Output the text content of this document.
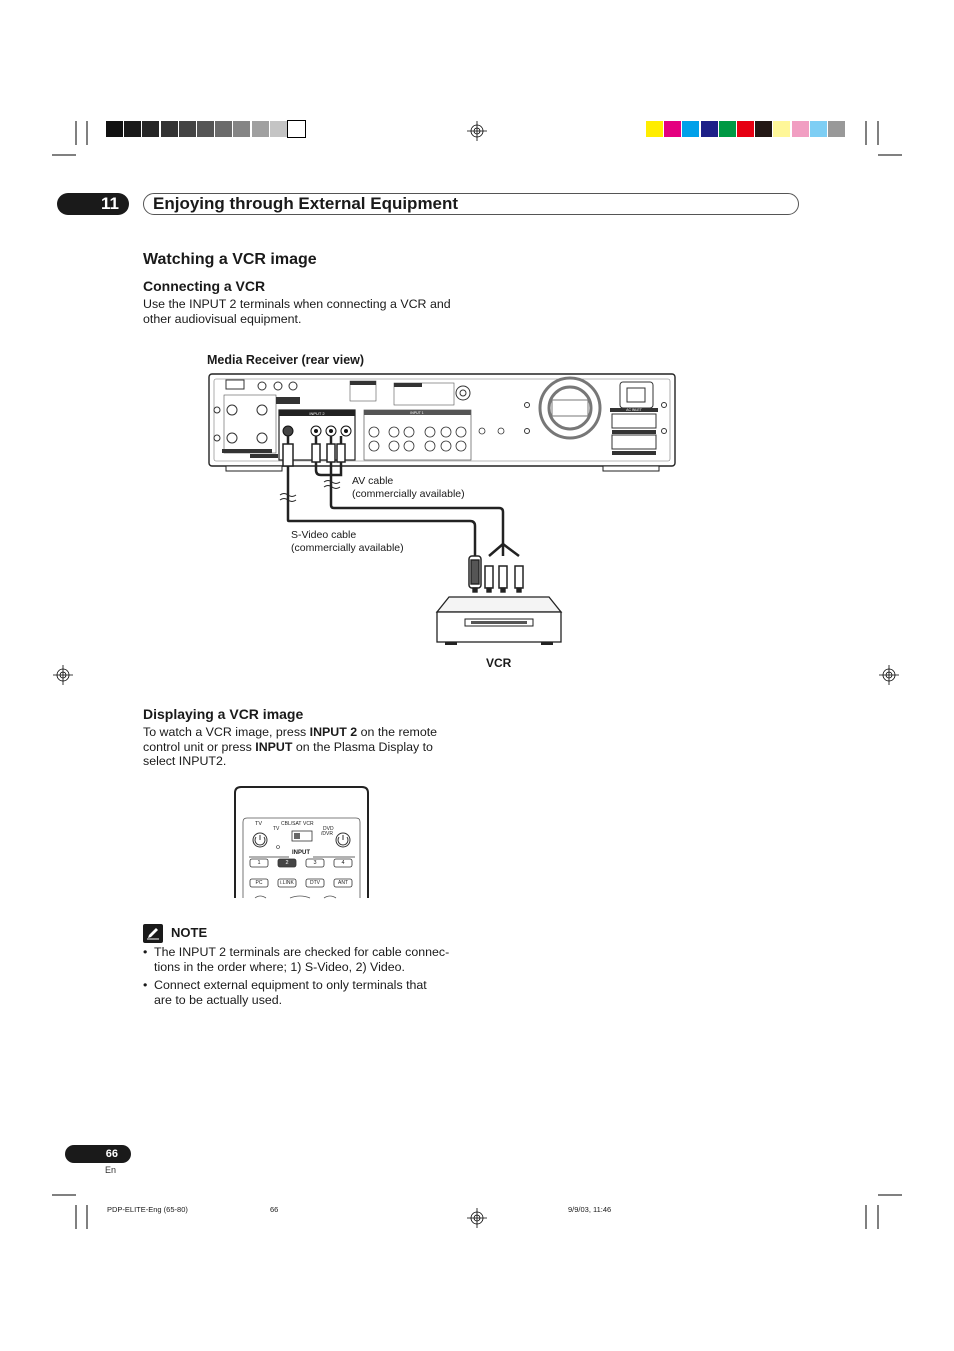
11	Enjoying through External Equipment
Watching a VCR image
Connecting a VCR
Use the INPUT 2 terminals when connecting a VCR and
other audiovisual equipment.
Media Receiver (rear view)
INPUT 2	INPUT 1
AC INLET
AV cable
(commercially available)
S-Video cable
(commercially available)
VCR
Displaying a VCR image
To watch a VCR image, press INPUT 2 on the remote
control unit or press INPUT on the Plasma Display to
select INPUT2.
TV	CBL/SAT VCR
DVD
/DVR
TV
INPUT
1	2	3	4
PC	i.LINK	DTV	ANT
NOTE
• The INPUT 2 terminals are checked for cable connec-
tions in the order where; 1) S-Video, 2) Video.
• Connect external equipment to only terminals that
are to be actually used.
66
En
PDP-ELITE-Eng (65-80)	66	9/9/03, 11:46
